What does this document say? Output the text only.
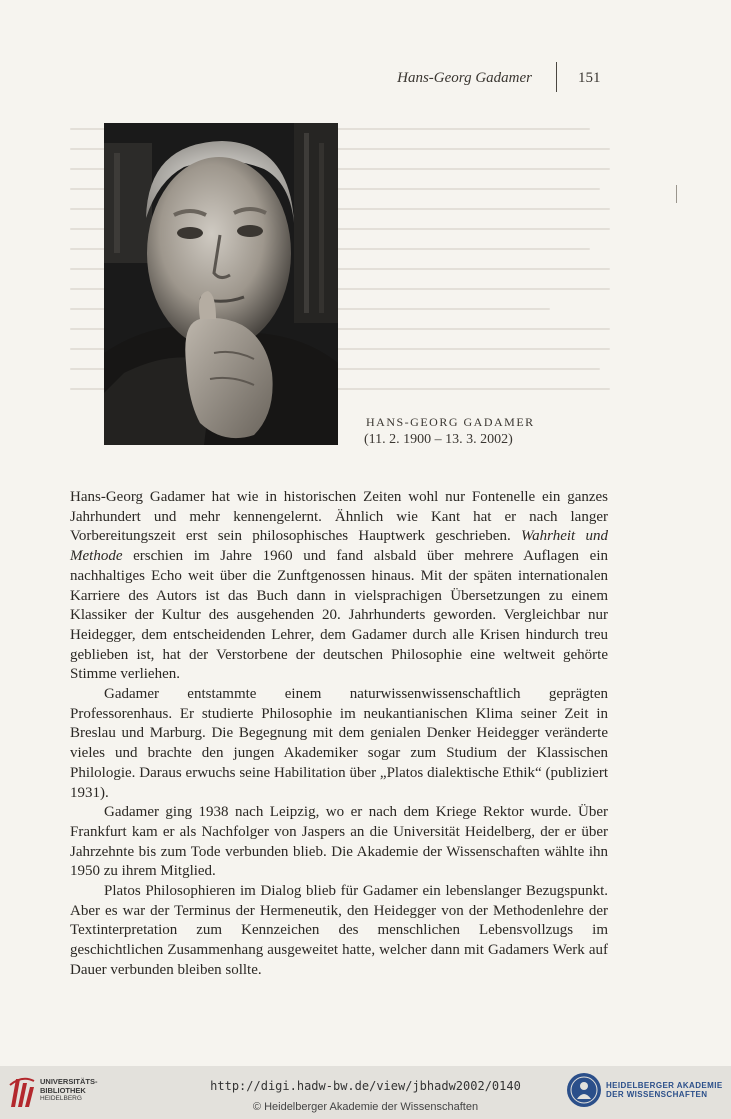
Hans-Georg Gadamer	151
HANS-GEORG GADAMER
(11. 2. 1900 – 13. 3. 2002)

Hans-Georg Gadamer hat wie in historischen Zeiten wohl nur Fontenelle ein ganzes Jahrhundert und mehr kennengelernt. Ähnlich wie Kant hat er nach langer Vorbereitungszeit erst sein philosophisches Hauptwerk geschrieben. Wahrheit und Methode erschien im Jahre 1960 und fand alsbald über mehrere Auflagen ein nachhaltiges Echo weit über die Zunftgenossen hinaus. Mit der späten internationalen Karriere des Autors ist das Buch dann in vielsprachigen Übersetzungen zu einem Klassiker der Kultur des ausgehenden 20. Jahrhunderts geworden. Vergleichbar nur Heidegger, dem entscheidenden Lehrer, dem Gadamer durch alle Krisen hindurch treu geblieben ist, hat der Verstorbene der deutschen Philosophie eine weltweit gehörte Stimme verliehen.

Gadamer entstammte einem naturwissenwissenschaftlich geprägten Professorenhaus. Er studierte Philosophie im neukantianischen Klima seiner Zeit in Breslau und Marburg. Die Begegnung mit dem genialen Denker Heidegger veränderte vieles und brachte den jungen Akademiker sogar zum Studium der Klassischen Philologie. Daraus erwuchs seine Habilitation über „Platos dialektische Ethik“ (publiziert 1931).

Gadamer ging 1938 nach Leipzig, wo er nach dem Kriege Rektor wurde. Über Frankfurt kam er als Nachfolger von Jaspers an die Universität Heidelberg, der er über Jahrzehnte bis zum Tode verbunden blieb. Die Akademie der Wissenschaften wählte ihn 1950 zu ihrem Mitglied.

Platos Philosophieren im Dialog blieb für Gadamer ein lebenslanger Bezugspunkt. Aber es war der Terminus der Hermeneutik, den Heidegger von der Methodenlehre der Textinterpretation zum Kennzeichen des menschlichen Lebensvollzugs im geschichtlichen Zusammenhang ausgeweitet hatte, welcher dann mit Gadamers Werk auf Dauer verbunden bleiben sollte.

UNIVERSITÄTS-
BIBLIOTHEK
HEIDELBERG
http://digi.hadw-bw.de/view/jbhadw2002/0140
© Heidelberger Akademie der Wissenschaften
HEIDELBERGER AKADEMIE
DER WISSENSCHAFTEN
